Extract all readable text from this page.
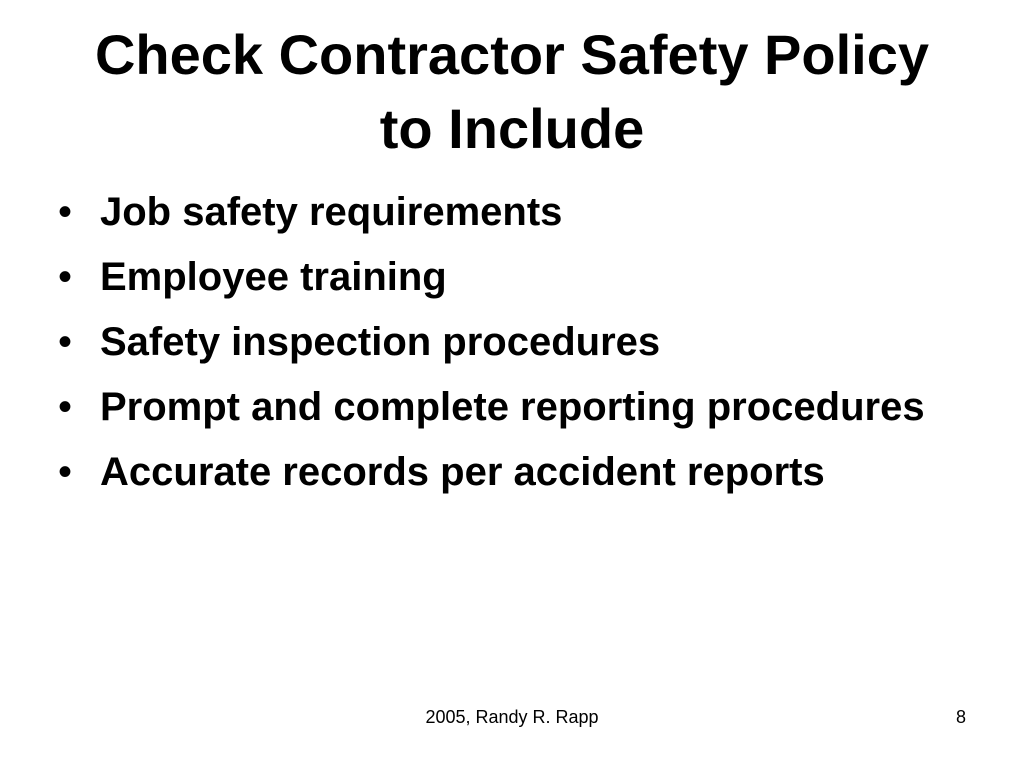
Check Contractor Safety Policy
to Include
• Job safety requirements
• Employee training
• Safety inspection procedures
• Prompt and complete reporting procedures
• Accurate records per accident reports
2005, Randy R. Rapp	8
